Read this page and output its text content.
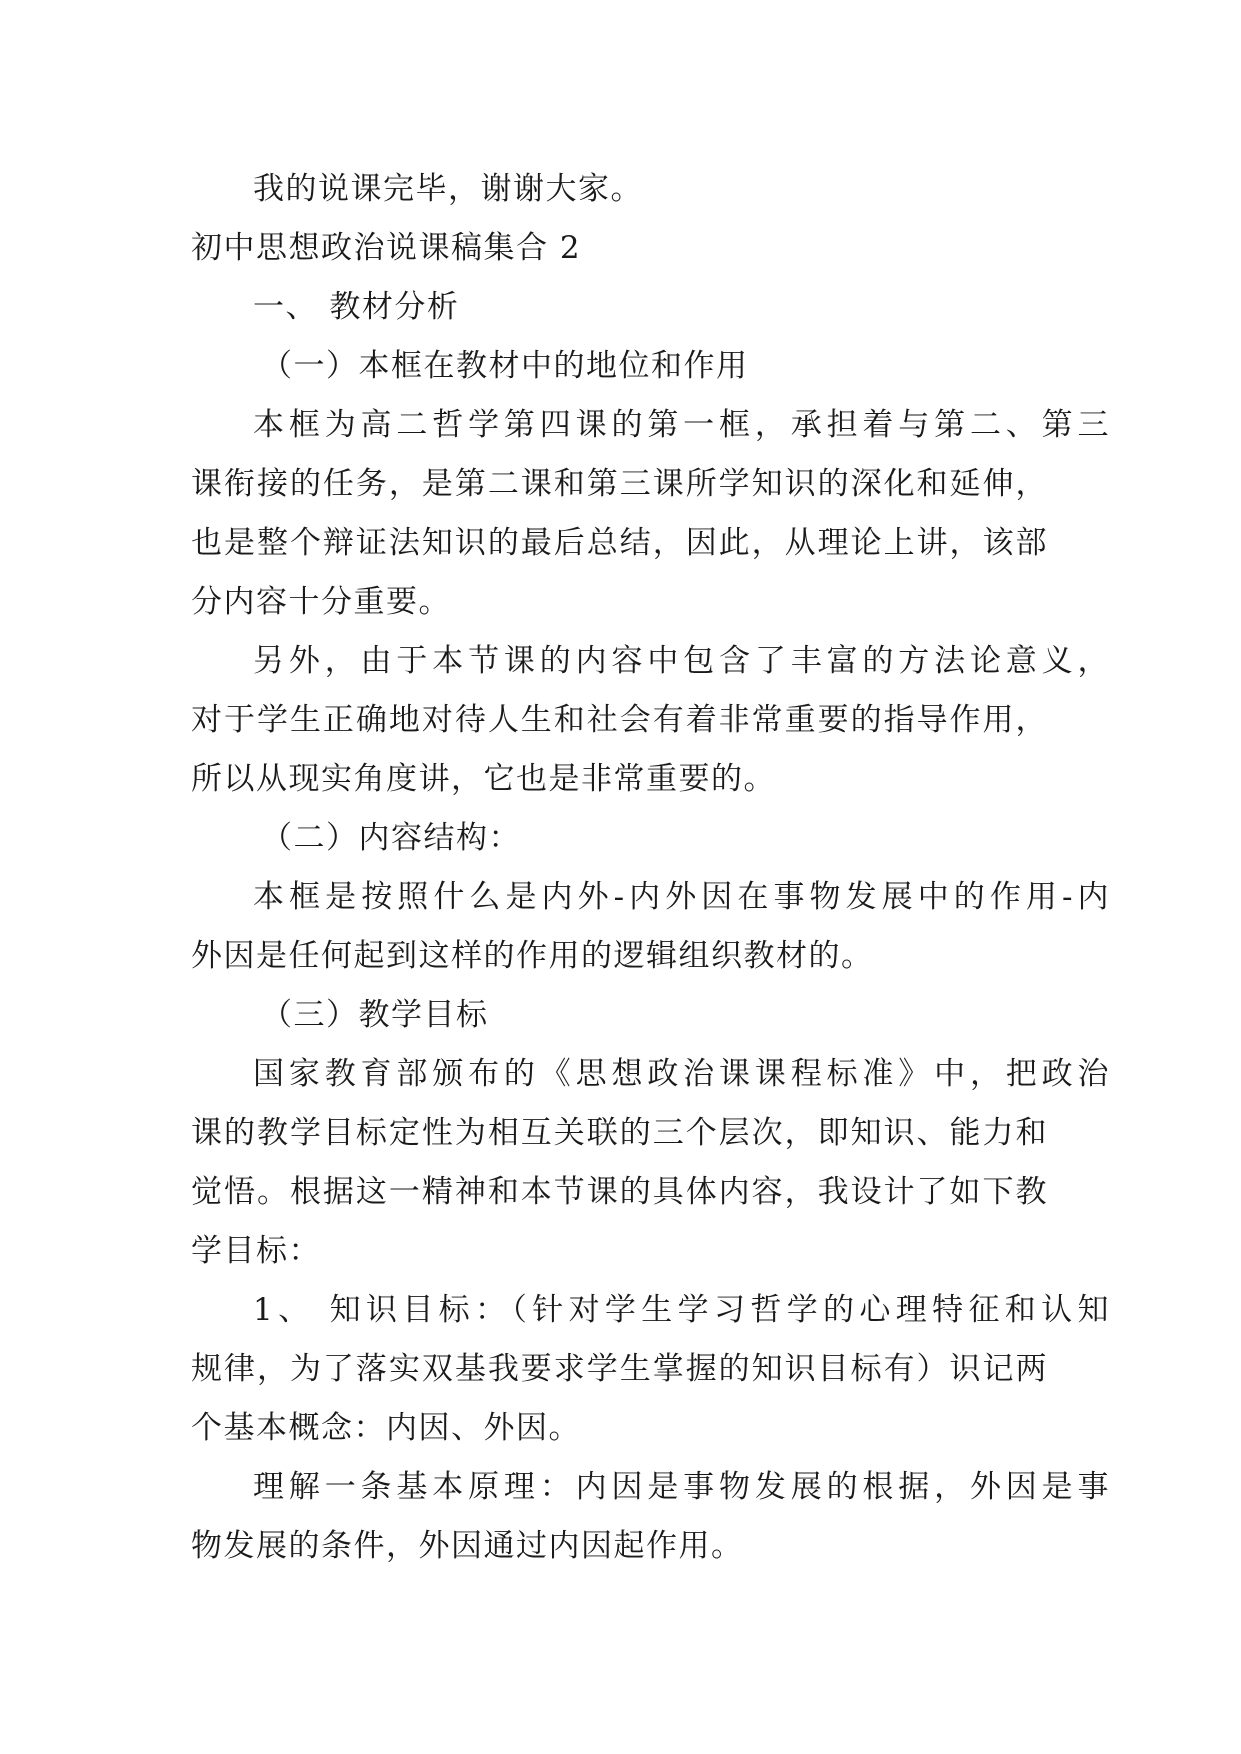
我的说课完毕，谢谢大家。
初中思想政治说课稿集合 2
一、 教材分析
（一）本框在教材中的地位和作用
本框为高二哲学第四课的第一框，承担着与第二、第三
课衔接的任务，是第二课和第三课所学知识的深化和延伸，
也是整个辩证法知识的最后总结，因此，从理论上讲，该部
分内容十分重要。
另外，由于本节课的内容中包含了丰富的方法论意义，
对于学生正确地对待人生和社会有着非常重要的指导作用，
所以从现实角度讲，它也是非常重要的。
（二）内容结构：
本框是按照什么是内外-内外因在事物发展中的作用-内
外因是任何起到这样的作用的逻辑组织教材的。
（三）教学目标
国家教育部颁布的《思想政治课课程标准》中，把政治
课的教学目标定性为相互关联的三个层次，即知识、能力和
觉悟。根据这一精神和本节课的具体内容，我设计了如下教
学目标：
1、 知识目标：（针对学生学习哲学的心理特征和认知
规律，为了落实双基我要求学生掌握的知识目标有）识记两
个基本概念：内因、外因。
理解一条基本原理：内因是事物发展的根据，外因是事
物发展的条件，外因通过内因起作用。
